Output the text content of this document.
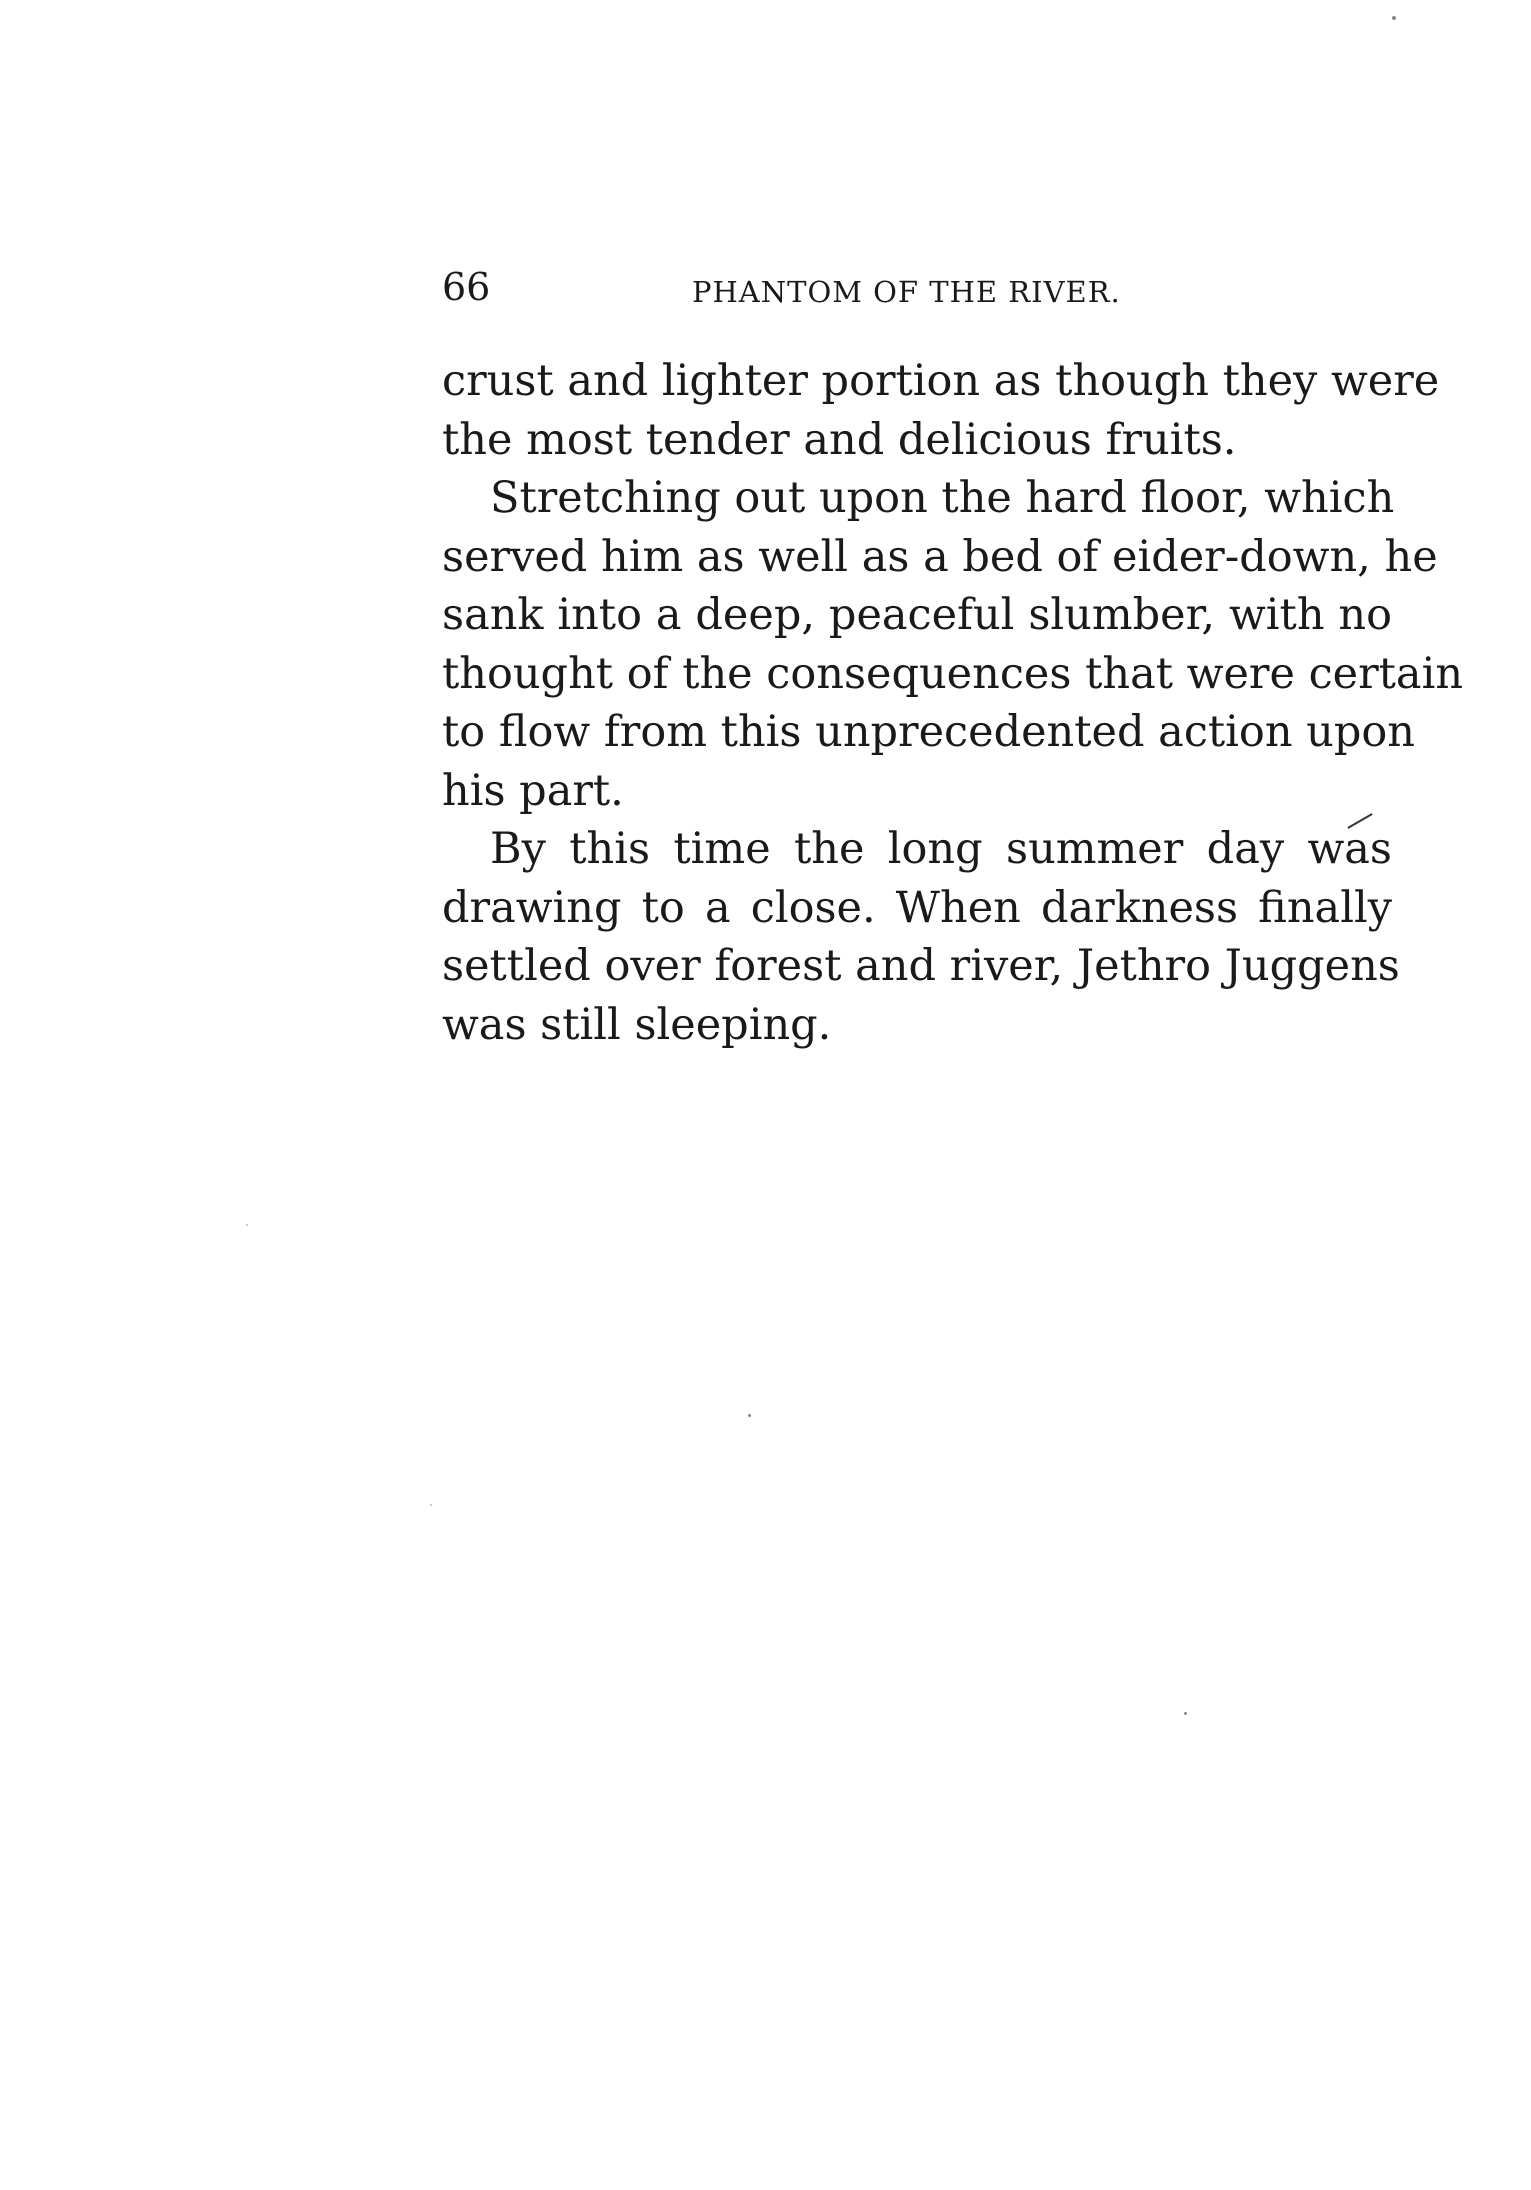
66	PHANTOM OF THE RIVER.
crust and lighter portion as though they were
the most tender and delicious fruits.
Stretching out upon the hard floor, which
served him as well as a bed of eider-down, he
sank into a deep, peaceful slumber, with no
thought of the consequences that were certain
to flow from this unprecedented action upon
his part.
By this time the long summer day was
drawing to a close. When darkness finally
settled over forest and river, Jethro Juggens
was still sleeping.
